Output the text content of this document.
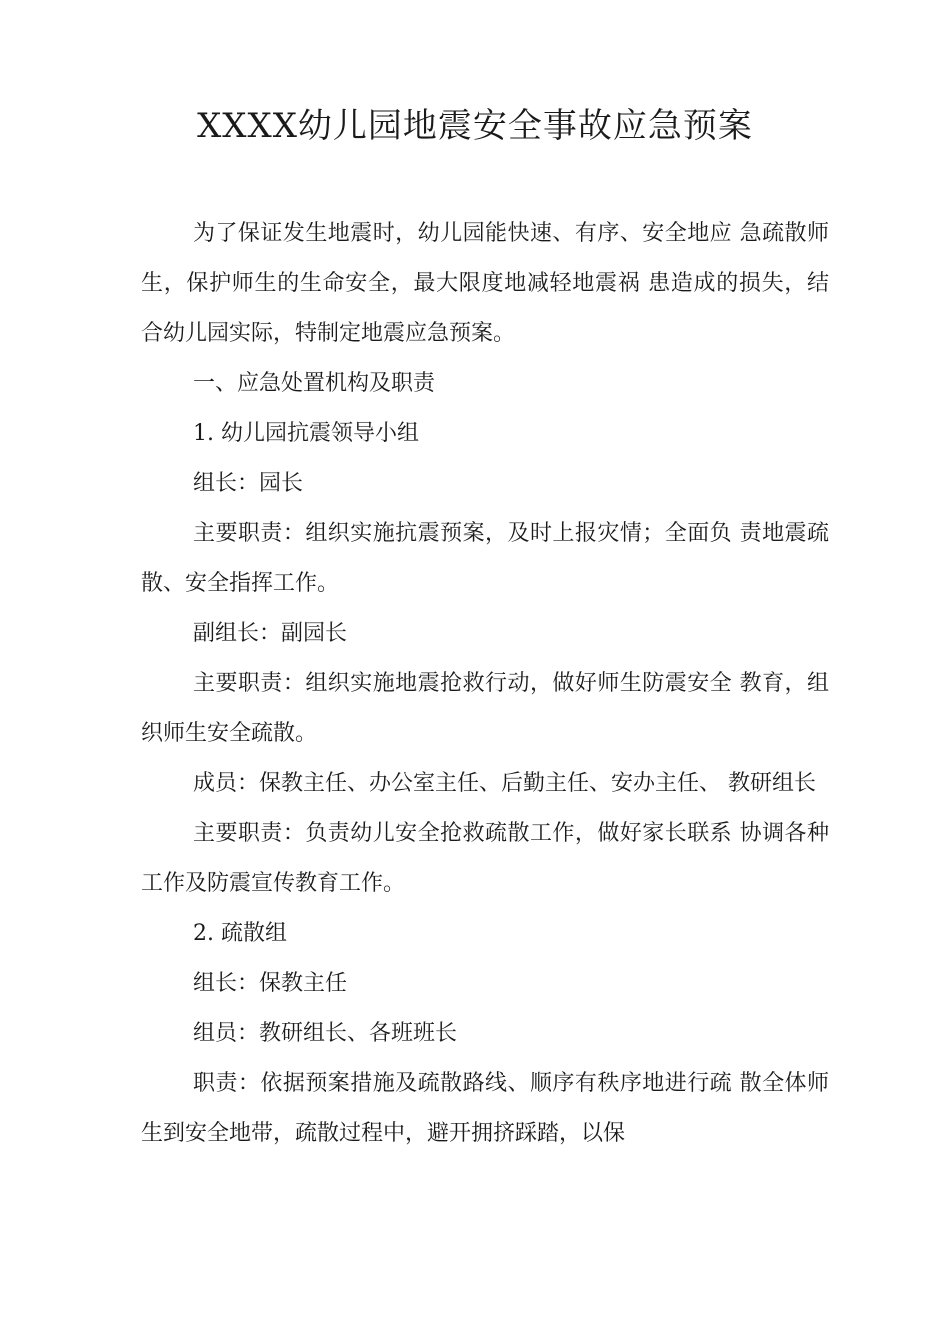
XXXX幼儿园地震安全事故应急预案

为了保证发生地震时，幼儿园能快速、有序、安全地应 急疏散师生，保护师生的生命安全，最大限度地减轻地震祸 患造成的损失，结合幼儿园实际，特制定地震应急预案。

一、应急处置机构及职责

1. 幼儿园抗震领导小组

组长：园长

主要职责：组织实施抗震预案，及时上报灾情；全面负 责地震疏散、安全指挥工作。

副组长：副园长

主要职责：组织实施地震抢救行动，做好师生防震安全 教育，组织师生安全疏散。

成员：保教主任、办公室主任、后勤主任、安办主任、 教研组长

主要职责：负责幼儿安全抢救疏散工作，做好家长联系 协调各种工作及防震宣传教育工作。

2. 疏散组

组长：保教主任

组员：教研组长、各班班长

职责：依据预案措施及疏散路线、顺序有秩序地进行疏 散全体师生到安全地带，疏散过程中，避开拥挤踩踏，以保
